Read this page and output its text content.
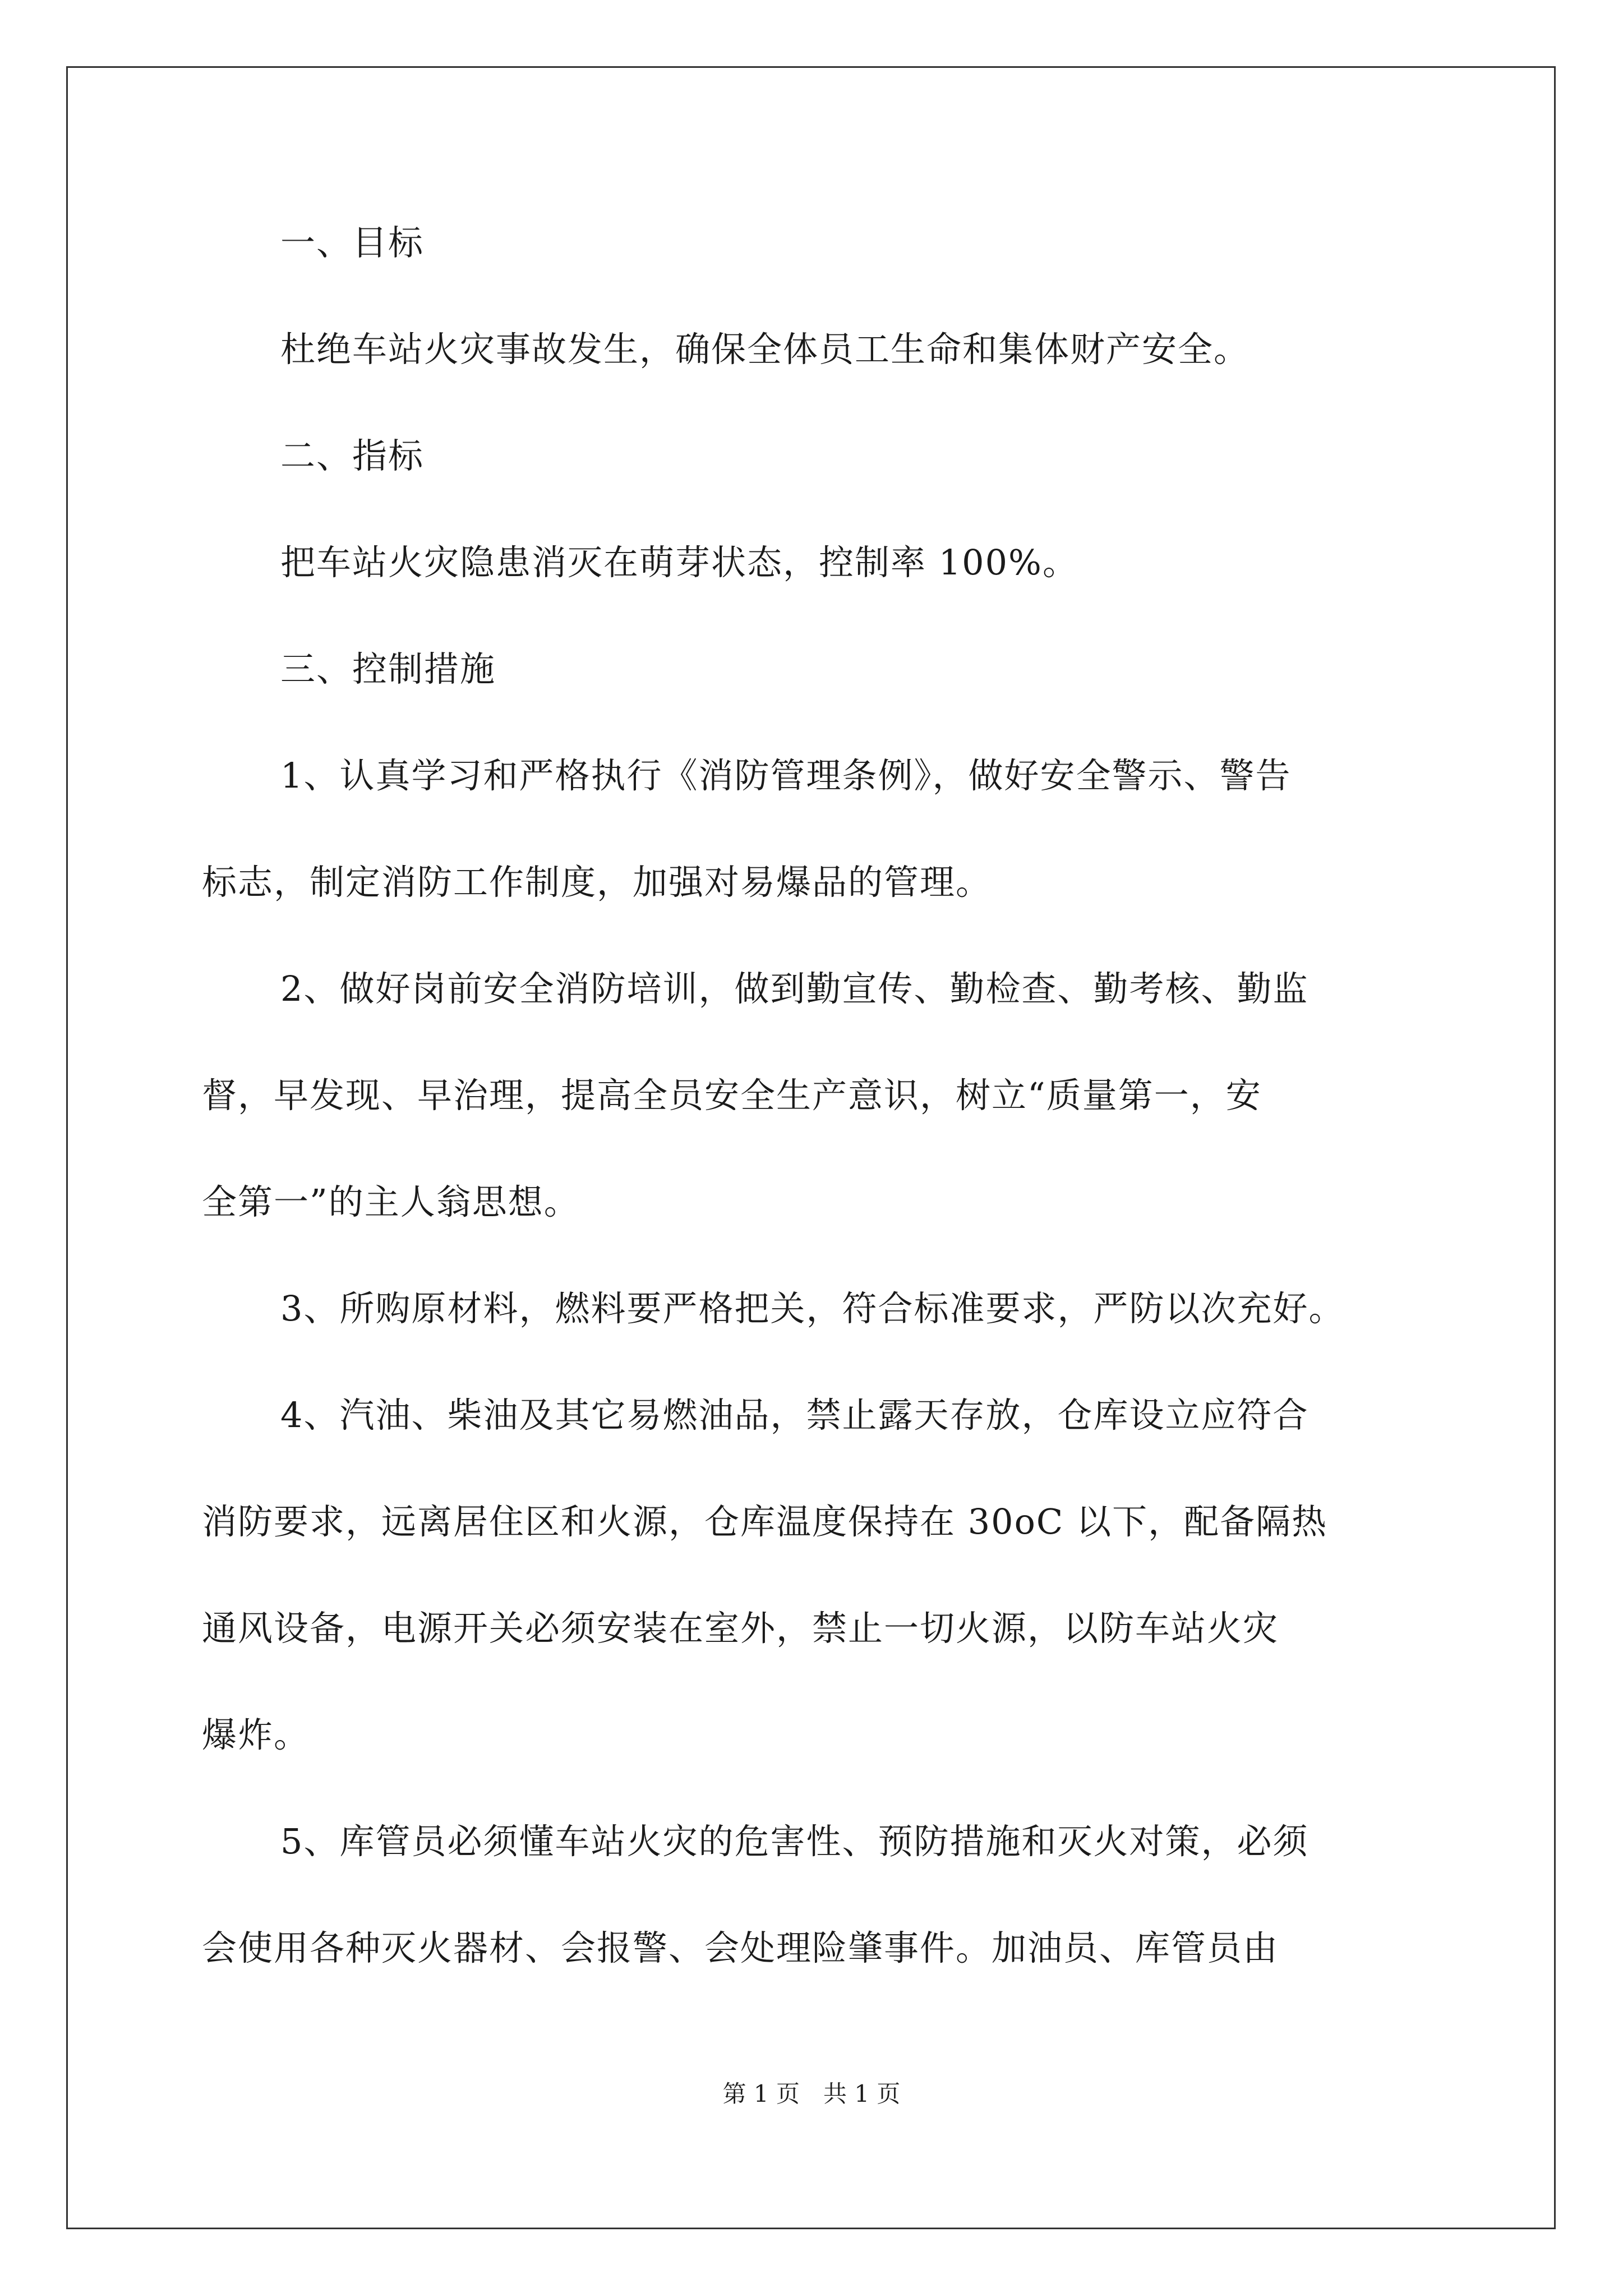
一、目标

杜绝车站火灾事故发生，确保全体员工生命和集体财产安全。

二、指标

把车站火灾隐患消灭在萌芽状态，控制率 100%。

三、控制措施

1、认真学习和严格执行《消防管理条例》，做好安全警示、警告
标志，制定消防工作制度，加强对易爆品的管理。

2、做好岗前安全消防培训，做到勤宣传、勤检查、勤考核、勤监
督，早发现、早治理，提高全员安全生产意识，树立“质量第一，安
全第一”的主人翁思想。

3、所购原材料，燃料要严格把关，符合标准要求，严防以次充好。

4、汽油、柴油及其它易燃油品，禁止露天存放，仓库设立应符合
消防要求，远离居住区和火源，仓库温度保持在 30oC 以下，配备隔热
通风设备，电源开关必须安装在室外，禁止一切火源，以防车站火灾
爆炸。

5、库管员必须懂车站火灾的危害性、预防措施和灭火对策，必须
会使用各种灭火器材、会报警、会处理险肇事件。加油员、库管员由

第 1 页　共 1 页
